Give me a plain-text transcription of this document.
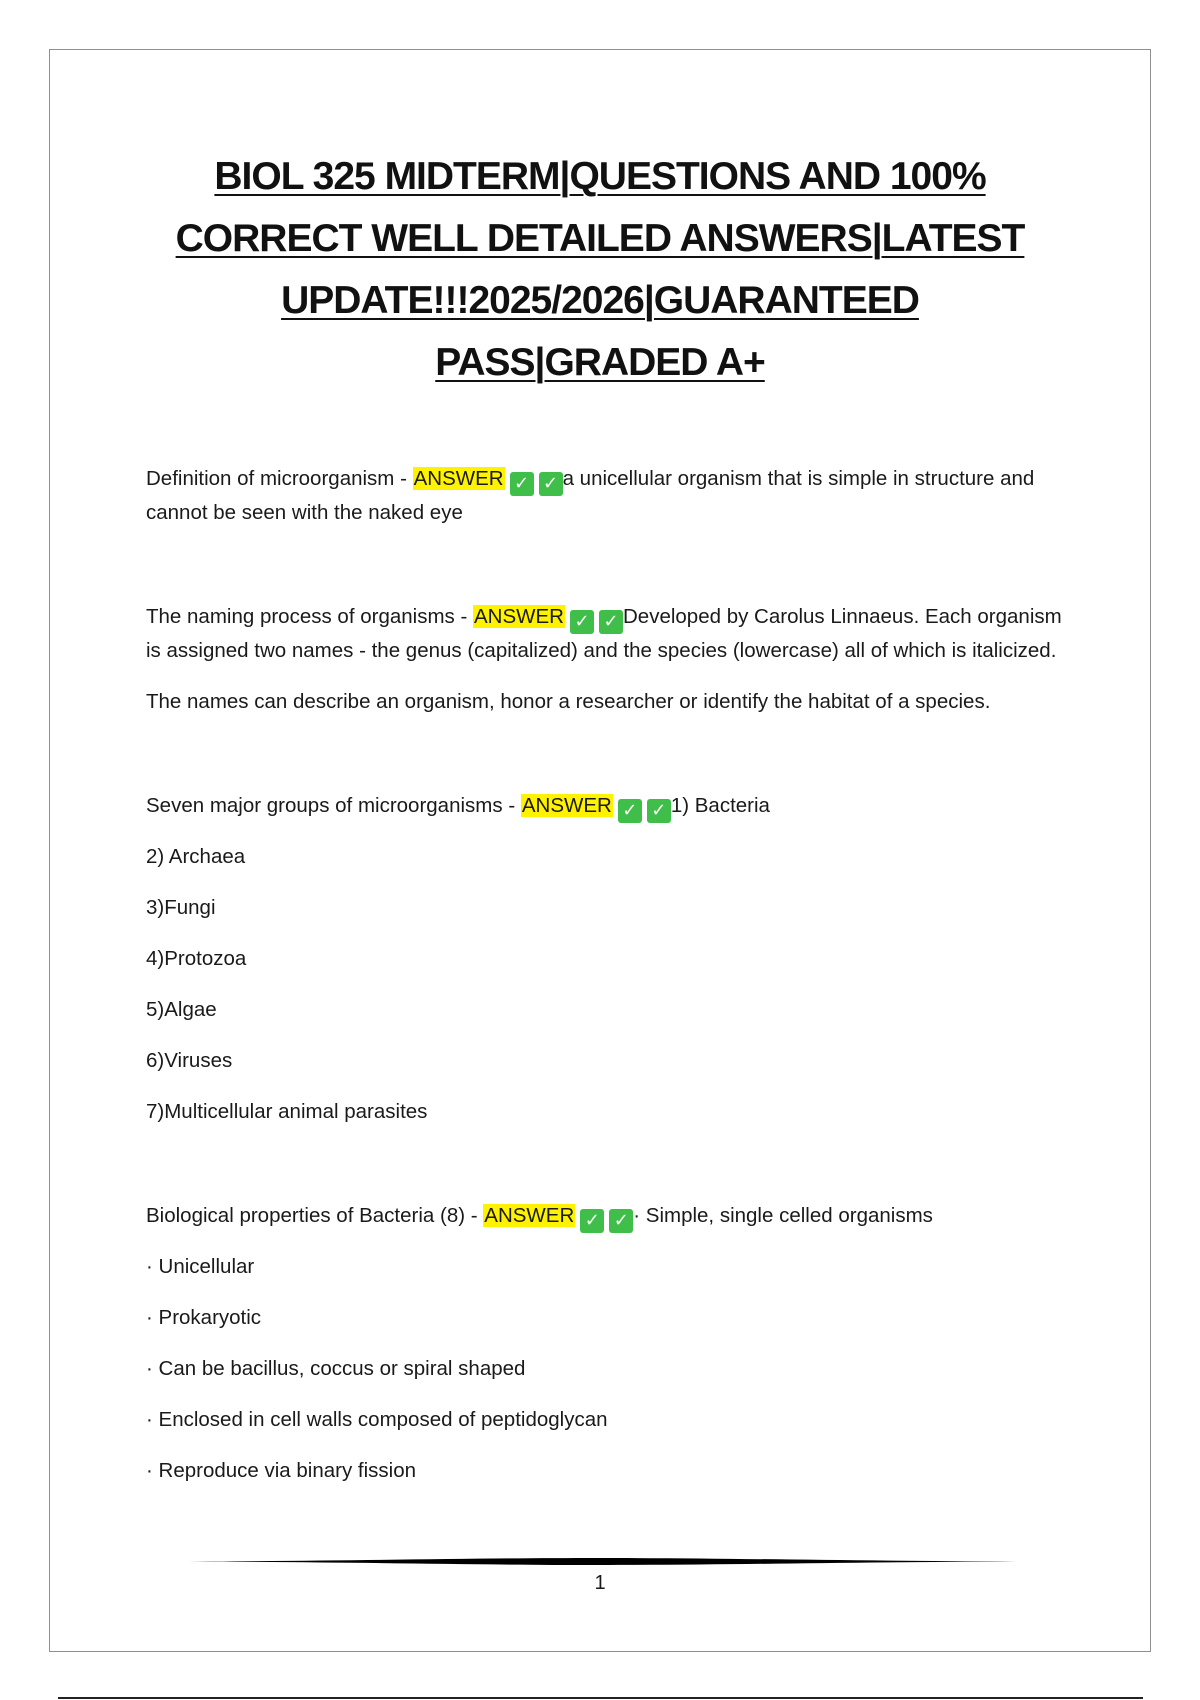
BIOL 325 MIDTERM|QUESTIONS AND 100% CORRECT WELL DETAILED ANSWERS|LATEST UPDATE!!!2025/2026|GUARANTEED PASS|GRADED A+

Definition of microorganism - ANSWER ✓ ✓ a unicellular organism that is simple in structure and cannot be seen with the naked eye

The naming process of organisms - ANSWER ✓ ✓ Developed by Carolus Linnaeus. Each organism is assigned two names - the genus (capitalized) and the species (lowercase) all of which is italicized.

The names can describe an organism, honor a researcher or identify the habitat of a species.

Seven major groups of microorganisms - ANSWER ✓ ✓ 1) Bacteria

2) Archaea

3)Fungi

4)Protozoa

5)Algae

6)Viruses

7)Multicellular animal parasites

Biological properties of Bacteria (8) - ANSWER ✓ ✓ · Simple, single celled organisms

· Unicellular

· Prokaryotic

· Can be bacillus, coccus or spiral shaped

· Enclosed in cell walls composed of peptidoglycan

· Reproduce via binary fission

1
